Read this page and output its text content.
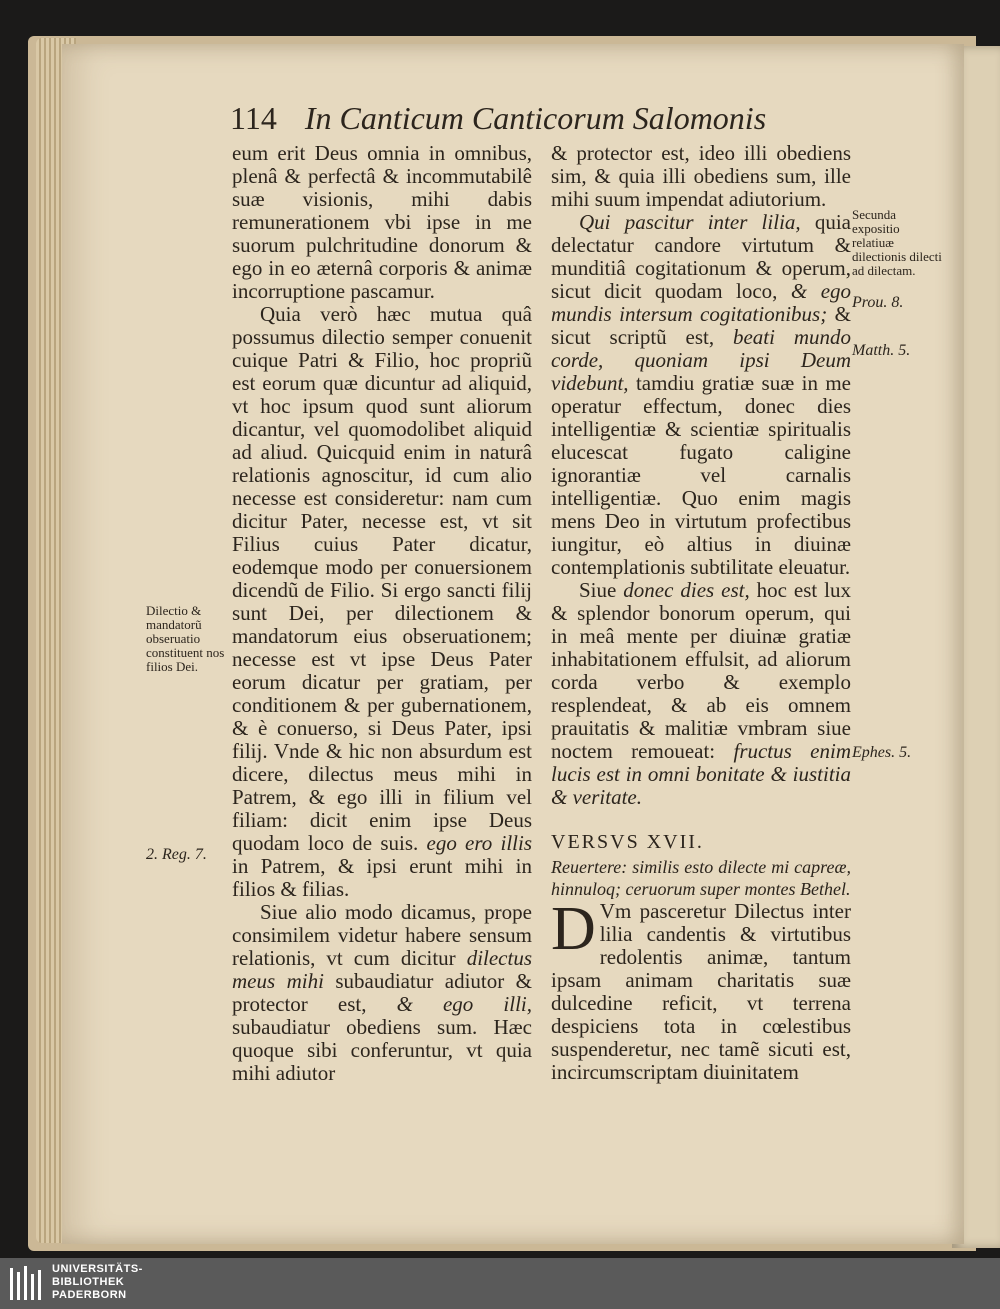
114 In Canticum Canticorum Salomonis

eum erit Deus omnia in omnibus, plenâ & perfectâ & incommutabilê suæ visionis, mihi dabis remunerationem vbi ipse in me suorum pulchritudine donorum & ego in eo æternâ corporis & animæ incorruptione pascamur.

Quia verò hæc mutua quâ possumus dilectio semper conuenit cuique Patri & Filio, hoc propriũ est eorum quæ dicuntur ad aliquid, vt hoc ipsum quod sunt aliorum dicantur, vel quomodolibet aliquid ad aliud. Quicquid enim in naturâ relationis agnoscitur, id cum alio necesse est consideretur: nam cum dicitur Pater, necesse est, vt sit Filius cuius Pater dicatur, eodemque modo per conuersionem dicendũ de Filio. Si ergo sancti filij sunt Dei, per dilectionem & mandatorum eius obseruationem; necesse est vt ipse Deus Pater eorum dicatur per gratiam, per conditionem & per gubernationem, & è conuerso, si Deus Pater, ipsi filij. Vnde & hic non absurdum est dicere, dilectus meus mihi in Patrem, & ego illi in filium vel filiam: dicit enim ipse Deus quodam loco de suis. ego ero illis in Patrem, & ipsi erunt mihi in filios & filias.

Siue alio modo dicamus, prope consimilem videtur habere sensum relationis, vt cum dicitur dilectus meus mihi subaudiatur adiutor & protector est, & ego illi, subaudiatur obediens sum. Hæc quoque sibi conferuntur, vt quia mihi adiutor

& protector est, ideo illi obediens sim, & quia illi obediens sum, ille mihi suum impendat adiutorium.

Qui pascitur inter lilia, quia delectatur candore virtutum & munditiâ cogitationum & operum, sicut dicit quodam loco, & ego mundis intersum cogitationibus; & sicut scriptũ est, beati mundo corde, quoniam ipsi Deum videbunt, tamdiu gratiæ suæ in me operatur effectum, donec dies intelligentiæ & scientiæ spiritualis elucescat fugato caligine ignorantiæ vel carnalis intelligentiæ. Quo enim magis mens Deo in virtutum profectibus iungitur, eò altius in diuinæ contemplationis subtilitate eleuatur.

Siue donec dies est, hoc est lux & splendor bonorum operum, qui in meâ mente per diuinæ gratiæ inhabitationem effulsit, ad aliorum corda verbo & exemplo resplendeat, & ab eis omnem prauitatis & malitiæ vmbram siue noctem remoueat: fructus enim lucis est in omni bonitate & iustitia & veritate.

VERSVS XVII.

Reuertere: similis esto dilecte mi capreæ, hinnuloq; ceruorum super montes Bethel.

D Vm pasceretur Dilectus inter lilia candentis & virtutibus redolentis animæ, tantum ipsam animam charitatis suæ dulcedine reficit, vt terrena despiciens tota in cœlestibus suspenderetur, nec tamẽ sicuti est, incircumscriptam diuinitatem

Secunda expositio relatiuæ dilectionis dilecti ad dilectam.
Prou. 8.
Matth. 5.
Ephes. 5.
Dilectio & mandatorũ obseruatio constituent nos filios Dei.
2. Reg. 7.
UNIVERSITÄTS-
BIBLIOTHEK
PADERBORN
